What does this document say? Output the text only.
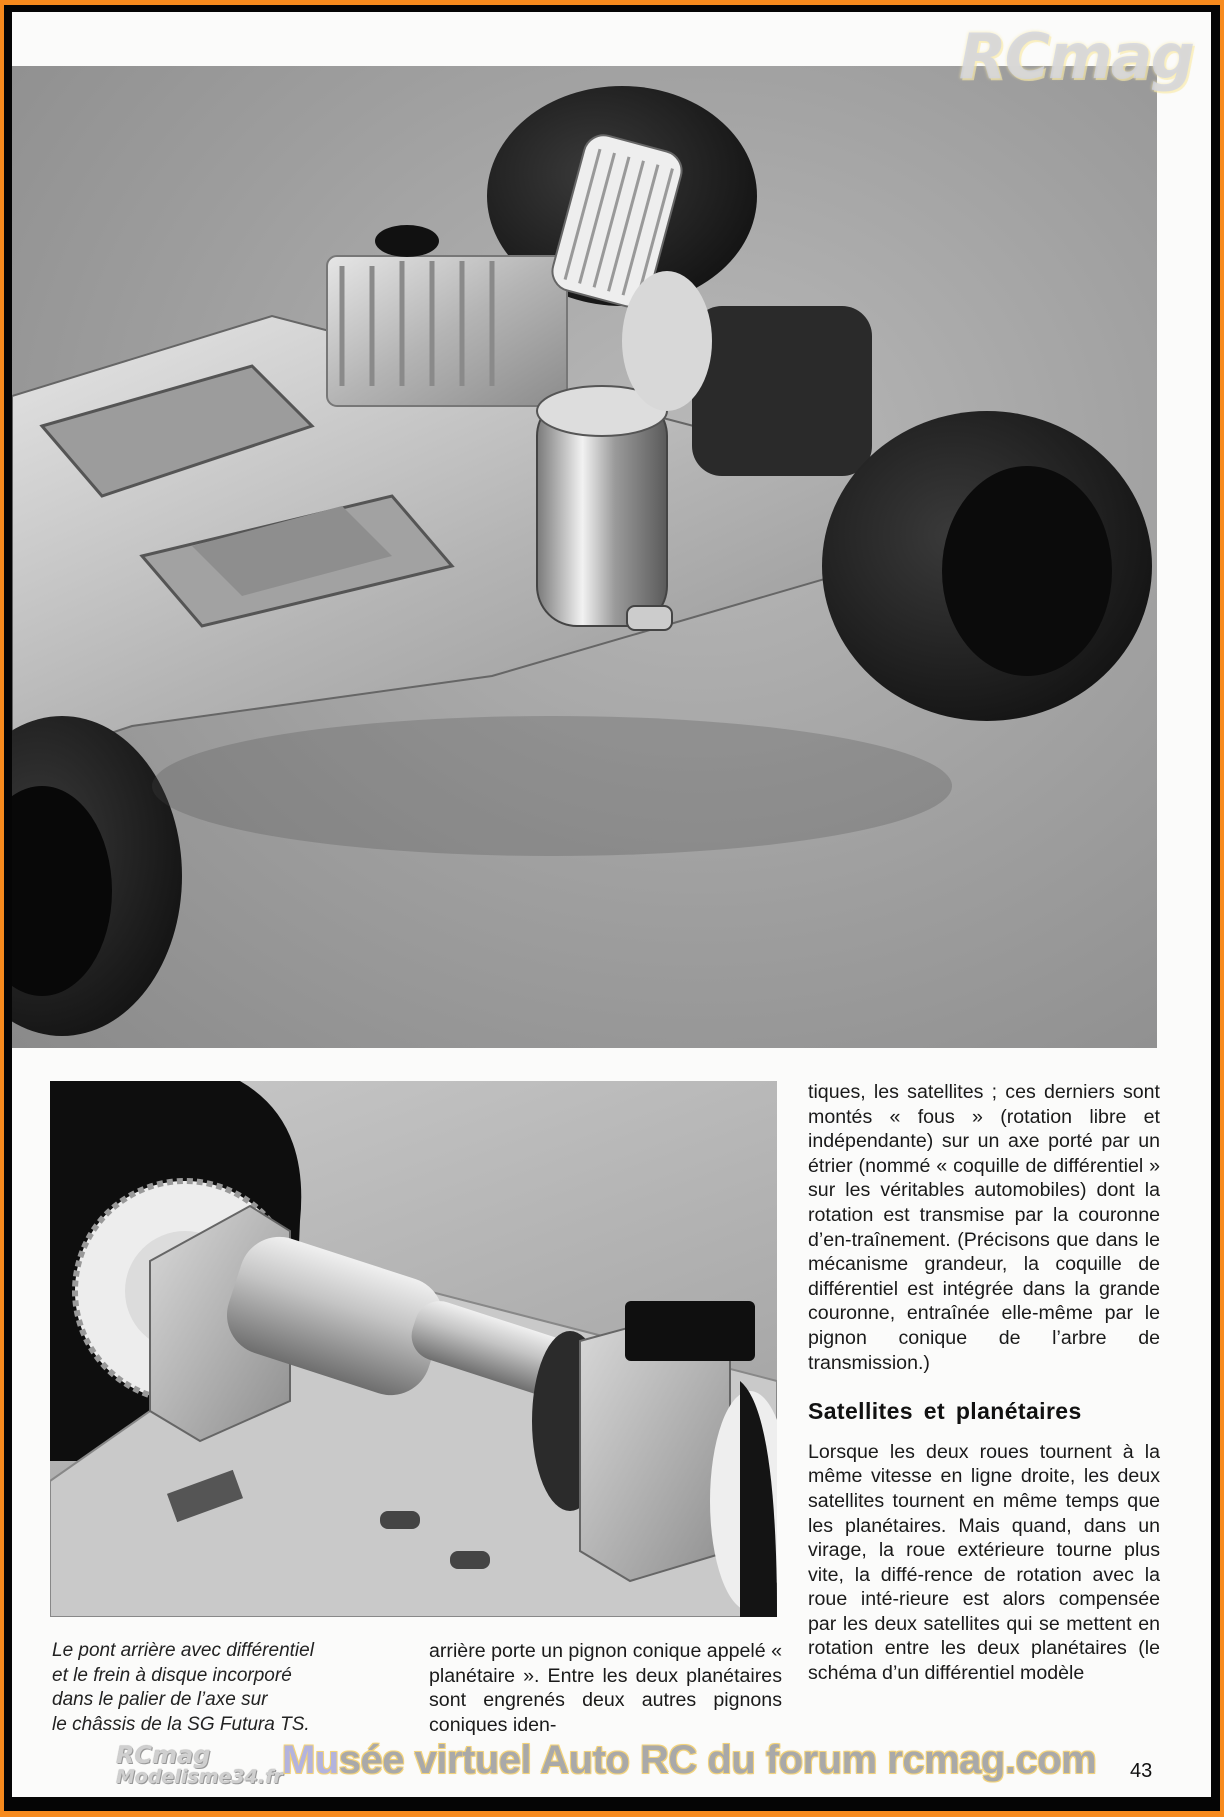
RCmag
Le pont arrière avec différentiel
et le frein à disque incorporé
dans le palier de l’axe sur
le châssis de la SG Futura TS.

arrière porte un pignon conique appelé « planétaire ». Entre les deux planétaires sont engrenés deux autres pignons coniques iden-

tiques, les satellites ; ces derniers sont montés « fous » (rotation libre et indépendante) sur un axe porté par un étrier (nommé « coquille de différentiel » sur les véritables automobiles) dont la rotation est transmise par la couronne d’en-traînement. (Précisons que dans le mécanisme grandeur, la coquille de différentiel est intégrée dans la grande couronne, entraînée elle-même par le pignon conique de l’arbre de transmission.)

Satellites et planétaires

Lorsque les deux roues tournent à la même vitesse en ligne droite, les deux satellites tournent en même temps que les planétaires. Mais quand, dans un virage, la roue extérieure tourne plus vite, la diffé-rence de rotation avec la roue inté-rieure est alors compensée par les deux satellites qui se mettent en rotation entre les deux planétaires (le schéma d’un différentiel modèle

RCmag
Modelisme34.fr Musée virtuel Auto RC du forum rcmag.com 43
